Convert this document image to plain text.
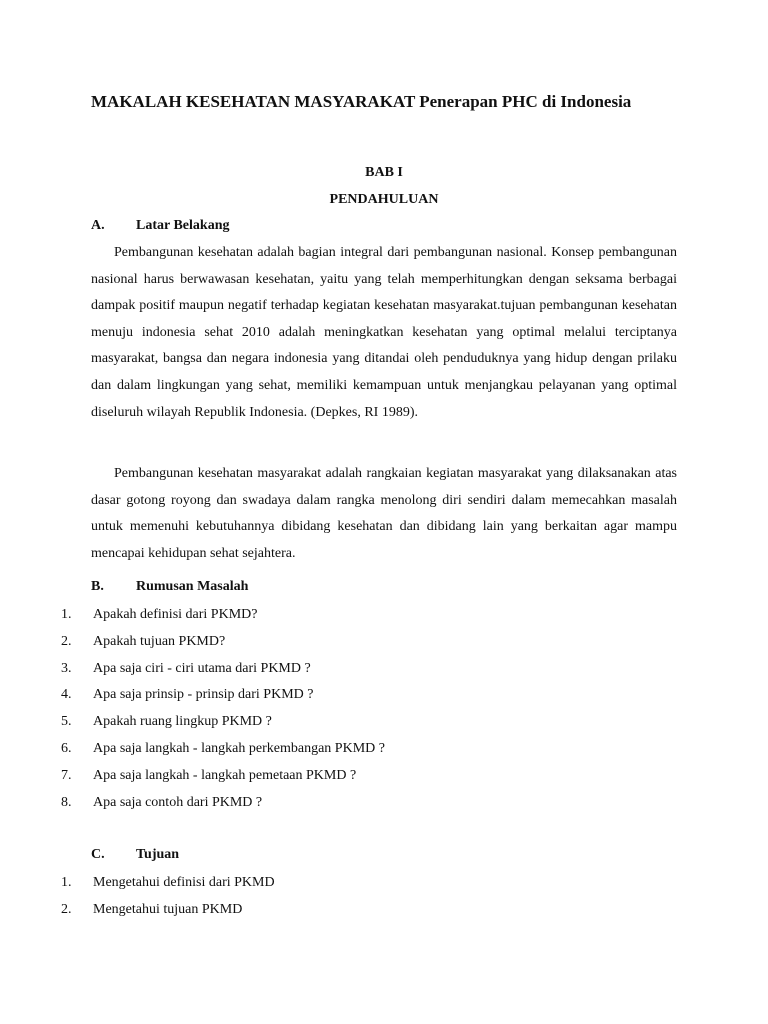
MAKALAH KESEHATAN MASYARAKAT Penerapan PHC di Indonesia
BAB I
PENDAHULUAN
A. Latar Belakang

Pembangunan kesehatan adalah bagian integral dari pembangunan nasional. Konsep pembangunan nasional harus berwawasan kesehatan, yaitu yang telah memperhitungkan dengan seksama berbagai dampak positif maupun negatif terhadap kegiatan kesehatan masyarakat.tujuan pembangunan kesehatan menuju indonesia sehat 2010 adalah meningkatkan kesehatan yang optimal melalui terciptanya masyarakat, bangsa dan negara indonesia yang ditandai oleh penduduknya yang hidup dengan prilaku dan dalam lingkungan yang sehat, memiliki kemampuan untuk menjangkau pelayanan yang optimal diseluruh wilayah Republik Indonesia. (Depkes, RI 1989).

Pembangunan kesehatan masyarakat adalah rangkaian kegiatan masyarakat yang dilaksanakan atas dasar gotong royong dan swadaya dalam rangka menolong diri sendiri dalam memecahkan masalah untuk memenuhi kebutuhannya dibidang kesehatan dan dibidang lain yang berkaitan agar mampu mencapai kehidupan sehat sejahtera.

B. Rumusan Masalah
1.	Apakah definisi dari PKMD?
2.	Apakah tujuan PKMD?
3.	Apa saja ciri - ciri utama dari PKMD ?
4.	Apa saja prinsip - prinsip dari PKMD ?
5.	Apakah ruang lingkup PKMD ?
6.	Apa saja langkah - langkah perkembangan PKMD ?
7.	Apa saja langkah - langkah pemetaan PKMD ?
8.	Apa saja contoh dari PKMD ?
C. Tujuan
1.	Mengetahui definisi dari PKMD
2.	Mengetahui tujuan PKMD
